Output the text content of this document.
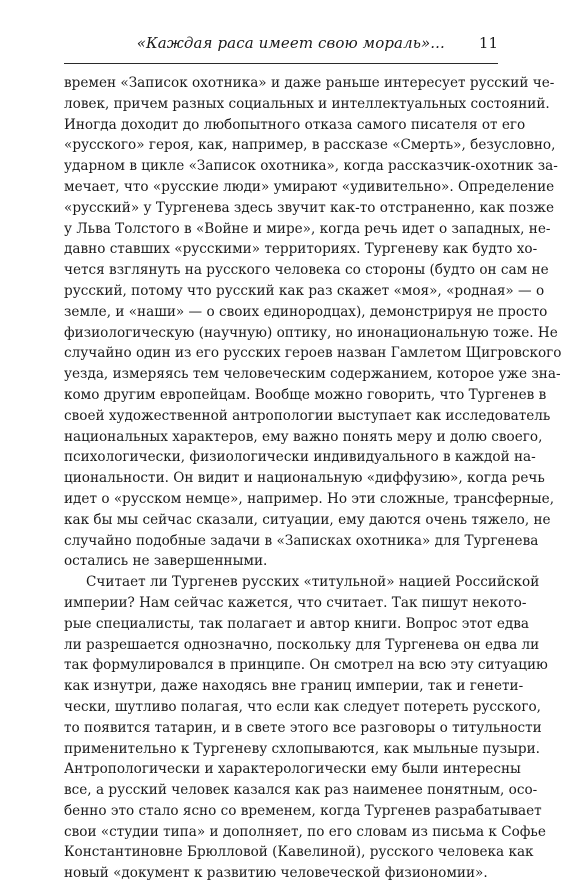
«Каждая раса имеет свою мораль»... 11
времен «Записок охотника» и даже раньше интересует русский че-
ловек, причем разных социальных и интеллектуальных состояний.
Иногда доходит до любопытного отказа самого писателя от его
«русского» героя, как, например, в рассказе «Смерть», безусловно,
ударном в цикле «Записок охотника», когда рассказчик-охотник за-
мечает, что «русские люди» умирают «удивительно». Определение
«русский» у Тургенева здесь звучит как-то отстраненно, как позже
у Льва Толстого в «Войне и мире», когда речь идет о западных, не-
давно ставших «русскими» территориях. Тургеневу как будто хо-
чется взглянуть на русского человека со стороны (будто он сам не
русский, потому что русский как раз скажет «моя», «родная» — о
земле, и «наши» — о своих единородцах), демонстрируя не просто
физиологическую (научную) оптику, но инонациональную тоже. Не
случайно один из его русских героев назван Гамлетом Щигровского
уезда, измеряясь тем человеческим содержанием, которое уже зна-
комо другим европейцам. Вообще можно говорить, что Тургенев в
своей художественной антропологии выступает как исследователь
национальных характеров, ему важно понять меру и долю своего,
психологически, физиологически индивидуального в каждой на-
циональности. Он видит и национальную «диффузию», когда речь
идет о «русском немце», например. Но эти сложные, трансферные,
как бы мы сейчас сказали, ситуации, ему даются очень тяжело, не
случайно подобные задачи в «Записках охотника» для Тургенева
остались не завершенными.
Считает ли Тургенев русских «титульной» нацией Российской
империи? Нам сейчас кажется, что считает. Так пишут некото-
рые специалисты, так полагает и автор книги. Вопрос этот едва
ли разрешается однозначно, поскольку для Тургенева он едва ли
так формулировался в принципе. Он смотрел на всю эту ситуацию
как изнутри, даже находясь вне границ империи, так и генети-
чески, шутливо полагая, что если как следует потереть русского,
то появится татарин, и в свете этого все разговоры о титульности
применительно к Тургеневу схлопываются, как мыльные пузыри.
Антропологически и характерологически ему были интересны
все, а русский человек казался как раз наименее понятным, осо-
бенно это стало ясно со временем, когда Тургенев разрабатывает
свои «студии типа» и дополняет, по его словам из письма к Софье
Константиновне Брюлловой (Кавелиной), русского человека как
новый «документ к развитию человеческой физиономии».
